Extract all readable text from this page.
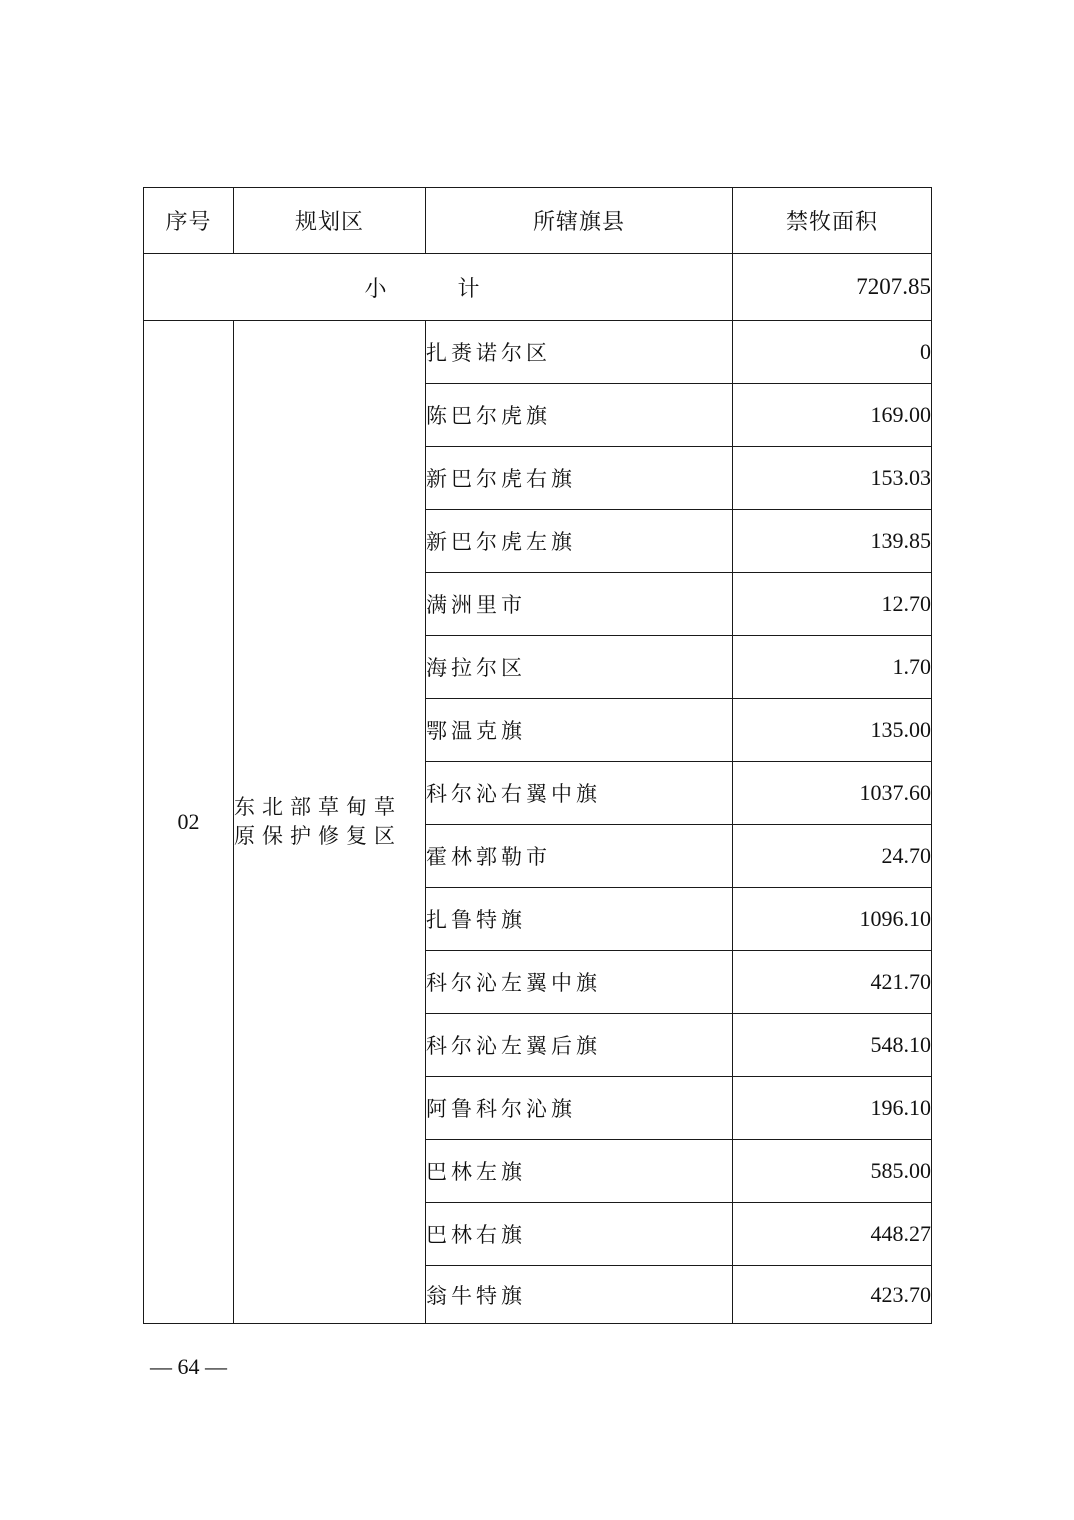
序号	规划区	所辖旗县	禁牧面积
小 计			7207.85
02	东北部草甸草原保护修复区	扎赉诺尔区	0
		陈巴尔虎旗	169.00
		新巴尔虎右旗	153.03
		新巴尔虎左旗	139.85
		满洲里市	12.70
		海拉尔区	1.70
		鄂温克旗	135.00
		科尔沁右翼中旗	1037.60
		霍林郭勒市	24.70
		扎鲁特旗	1096.10
		科尔沁左翼中旗	421.70
		科尔沁左翼后旗	548.10
		阿鲁科尔沁旗	196.10
		巴林左旗	585.00
		巴林右旗	448.27
		翁牛特旗	423.70
— 64 —
